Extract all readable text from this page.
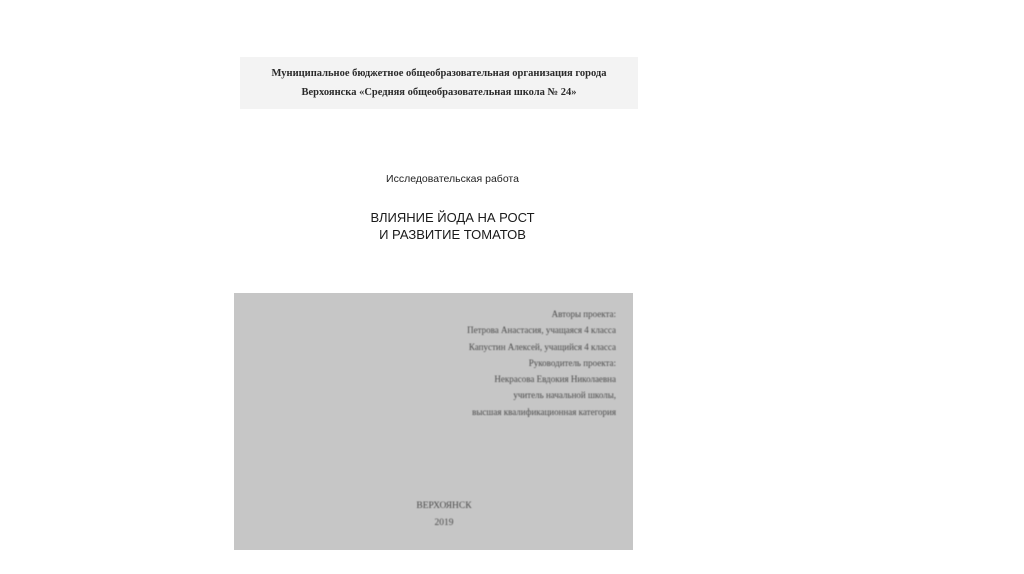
Муниципальное бюджетное общеобразовательная организация города
Верхоянска «Средняя общеобразовательная школа № 24»
Исследовательская работа
ВЛИЯНИЕ ЙОДА НА РОСТ
И РАЗВИТИЕ ТОМАТОВ
Авторы проекта:
Петрова Анастасия, учащаяся 4 класса
Капустин Алексей, учащийся 4 класса
Руководитель проекта:
Некрасова Евдокия Николаевна
учитель начальной школы,
высшая квалификационная категория
ВЕРХОЯНСК
2019
